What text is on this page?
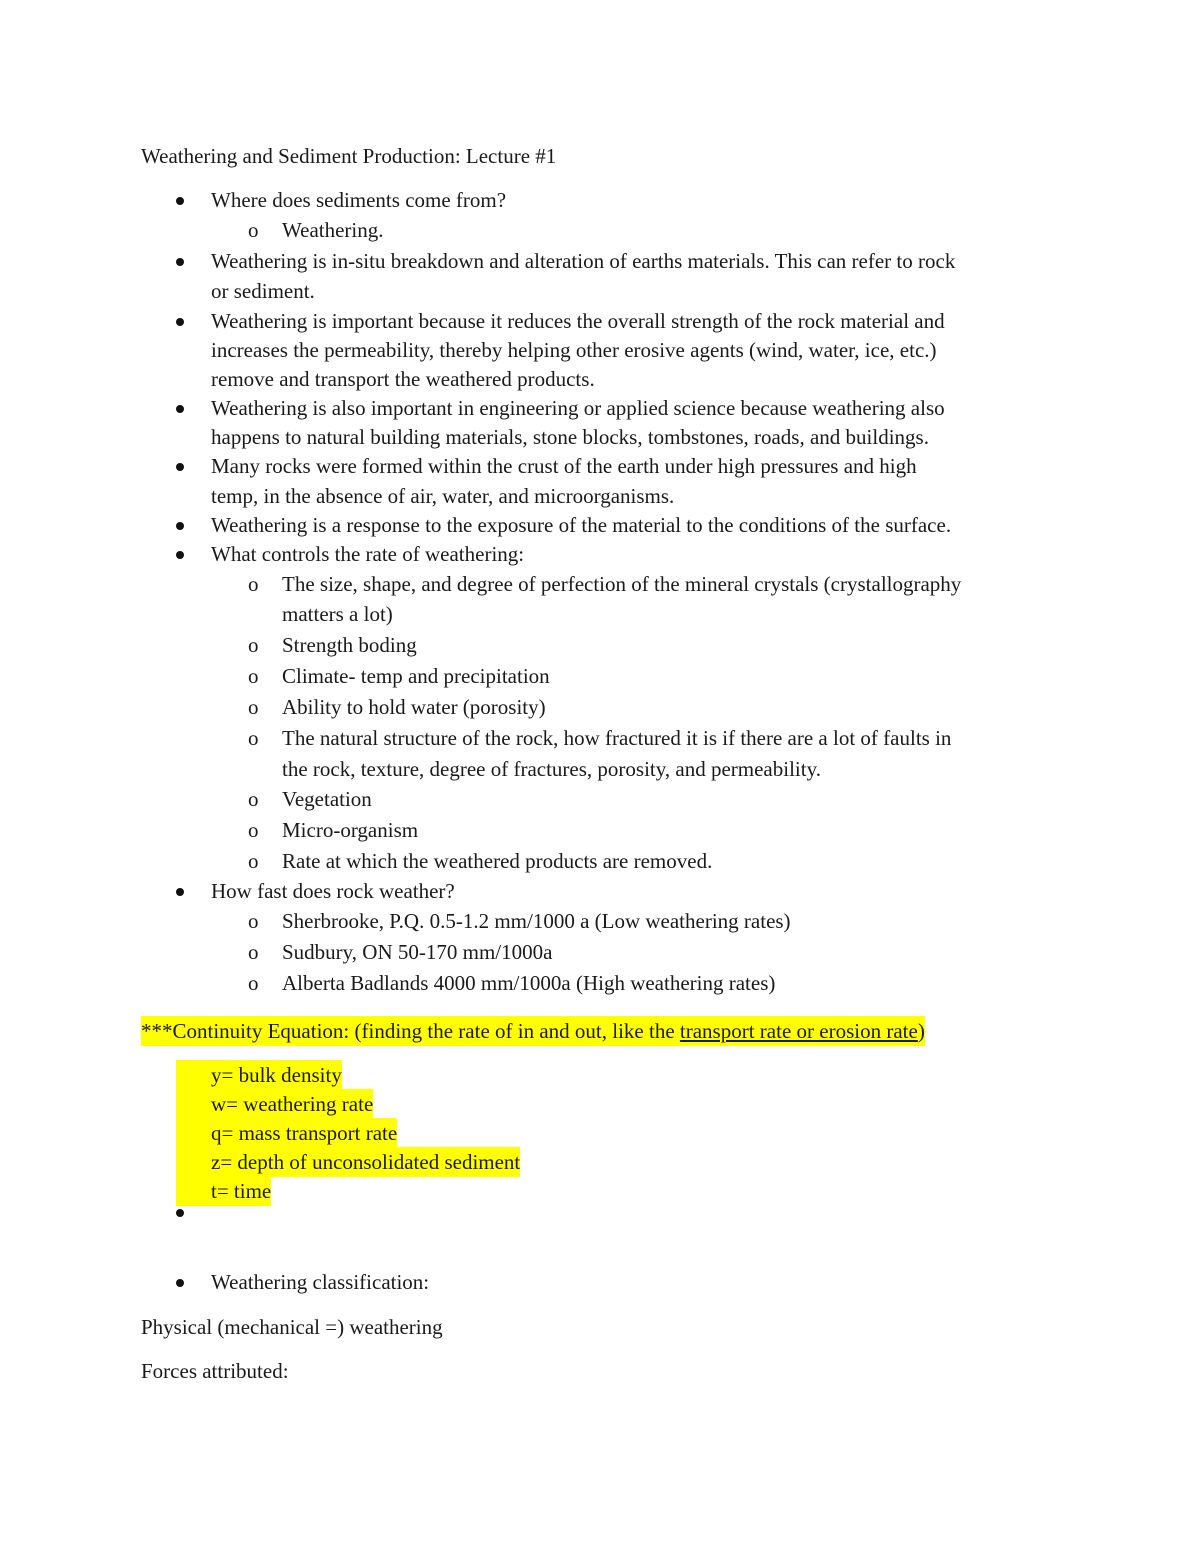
Weathering and Sediment Production: Lecture #1
Where does sediments come from?
o Weathering.
Weathering is in-situ breakdown and alteration of earths materials. This can refer to rock
or sediment.
Weathering is important because it reduces the overall strength of the rock material and
increases the permeability, thereby helping other erosive agents (wind, water, ice, etc.)
remove and transport the weathered products.
Weathering is also important in engineering or applied science because weathering also
happens to natural building materials, stone blocks, tombstones, roads, and buildings.
Many rocks were formed within the crust of the earth under high pressures and high
temp, in the absence of air, water, and microorganisms.
Weathering is a response to the exposure of the material to the conditions of the surface.
What controls the rate of weathering:
o The size, shape, and degree of perfection of the mineral crystals (crystallography
matters a lot)
o Strength boding
o Climate- temp and precipitation
o Ability to hold water (porosity)
o The natural structure of the rock, how fractured it is if there are a lot of faults in
the rock, texture, degree of fractures, porosity, and permeability.
o Vegetation
o Micro-organism
o Rate at which the weathered products are removed.
How fast does rock weather?
o Sherbrooke, P.Q. 0.5-1.2 mm/1000 a (Low weathering rates)
o Sudbury, ON 50-170 mm/1000a
o Alberta Badlands 4000 mm/1000a (High weathering rates)
***Continuity Equation: (finding the rate of in and out, like the transport rate or erosion rate)
y= bulk density
w= weathering rate
q= mass transport rate
z= depth of unconsolidated sediment
t= time
Weathering classification:
Physical (mechanical =) weathering
Forces attributed:
